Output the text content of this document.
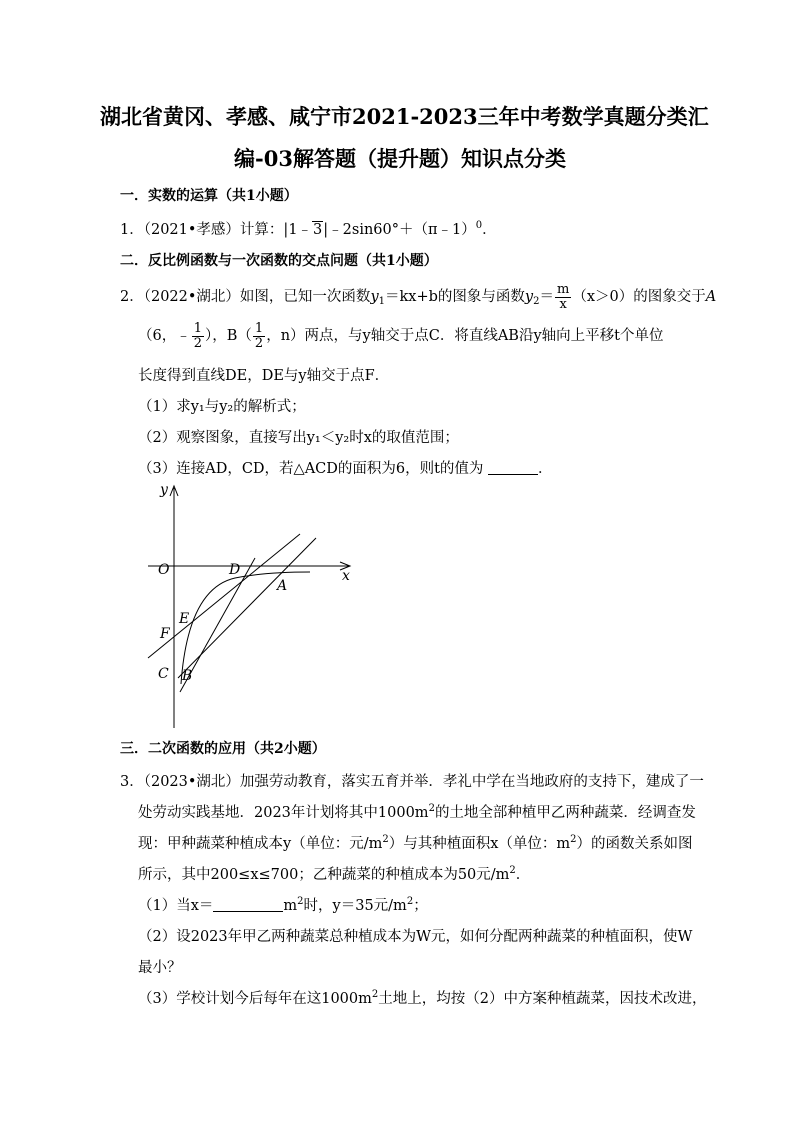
湖北省黄冈、孝感、咸宁市2021-2023三年中考数学真题分类汇
编-03解答题（提升题）知识点分类
一．实数的运算（共1小题）
1．（2021•孝感）计算：|1﹣3|﹣2sin60°＋（π﹣1）$^0$．
二．反比例函数与一次函数的交点问题（共1小题）
2．（2022•湖北）如图，已知一次函数$y_1=kx+b$的图象与函数$y_2= \frac{m}{x} (x>0)$的图象交于A
（6，﹣ $\frac{1}{2}$ ），$B( \frac{1}{2}$ ，n）两点，与y轴交于点C．将直线AB沿y轴向上平移t个单位
长度得到直线DE，DE与y轴交于点F．
（1）求y₁与y₂的解析式；
（2）观察图象，直接写出y₁＜y₂时x的取值范围；
（3）连接AD，CD，若△ACD的面积为6，则t的值为	．
y
x
O	D
A
E
F
C B
三．二次函数的应用（共2小题）
3．（2023•湖北）加强劳动教育，落实五育并举．孝礼中学在当地政府的支持下，建成了一
处劳动实践基地．2023年计划将其中$1000m^2$的土地全部种植甲乙两种蔬菜．经调查发
现：甲种蔬菜种植成本y（单位：元$/m^2$）与其种植面积x（单位：$m^2$）的函数关系如图
所示，其中200≤x≤700；乙种蔬菜的种植成本为50元$/m^2$．
（1）当x＝	$m^2$时，y＝35元$/m^2$；
（2）设2023年甲乙两种蔬菜总种植成本为W元，如何分配两种蔬菜的种植面积，使W
最小？
（3）学校计划今后每年在这$1000m^2$土地上，均按（2）中方案种植蔬菜，因技术改进，
